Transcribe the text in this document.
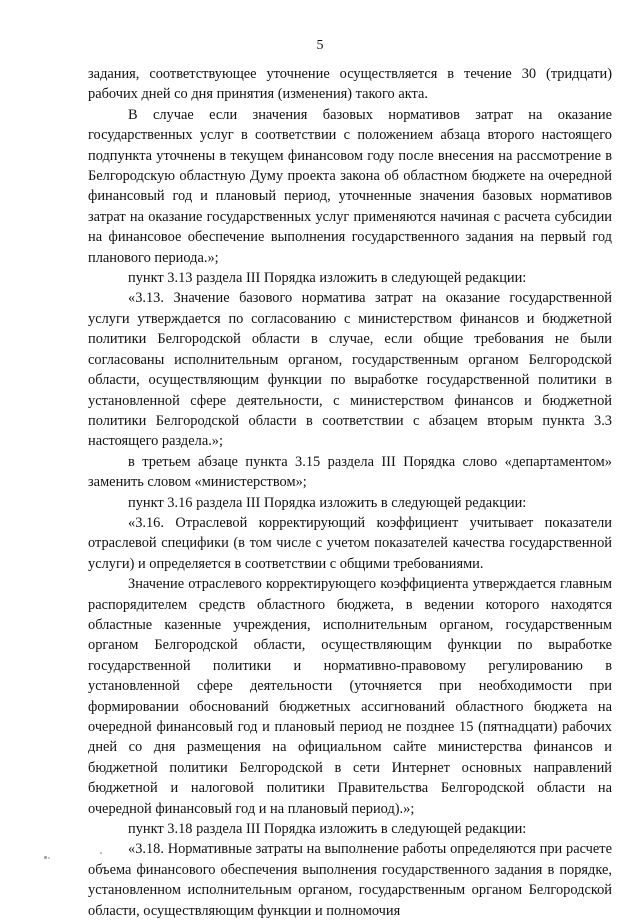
5

задания, соответствующее уточнение осуществляется в течение 30 (тридцати) рабочих дней со дня принятия (изменения) такого акта.

В случае если значения базовых нормативов затрат на оказание государственных услуг в соответствии с положением абзаца второго настоящего подпункта уточнены в текущем финансовом году после внесения на рассмотрение в Белгородскую областную Думу проекта закона об областном бюджете на очередной финансовый год и плановый период, уточненные значения базовых нормативов затрат на оказание государственных услуг применяются начиная с расчета субсидии на финансовое обеспечение выполнения государственного задания на первый год планового периода.»;

пункт 3.13 раздела III Порядка изложить в следующей редакции:

«3.13. Значение базового норматива затрат на оказание государственной услуги утверждается по согласованию с министерством финансов и бюджетной политики Белгородской области в случае, если общие требования не были согласованы исполнительным органом, государственным органом Белгородской области, осуществляющим функции по выработке государственной политики в установленной сфере деятельности, с министерством финансов и бюджетной политики Белгородской области в соответствии с абзацем вторым пункта 3.3 настоящего раздела.»;

в третьем абзаце пункта 3.15 раздела III Порядка слово «департаментом» заменить словом «министерством»;

пункт 3.16 раздела III Порядка изложить в следующей редакции:

«3.16. Отраслевой корректирующий коэффициент учитывает показатели отраслевой специфики (в том числе с учетом показателей качества государственной услуги) и определяется в соответствии с общими требованиями.

Значение отраслевого корректирующего коэффициента утверждается главным распорядителем средств областного бюджета, в ведении которого находятся областные казенные учреждения, исполнительным органом, государственным органом Белгородской области, осуществляющим функции по выработке государственной политики и нормативно-правовому регулированию в установленной сфере деятельности (уточняется при необходимости при формировании обоснований бюджетных ассигнований областного бюджета на очередной финансовый год и плановый период не позднее 15 (пятнадцати) рабочих дней со дня размещения на официальном сайте министерства финансов и бюджетной политики Белгородской в сети Интернет основных направлений бюджетной и налоговой политики Правительства Белгородской области на очередной финансовый год и на плановый период).»;

пункт 3.18 раздела III Порядка изложить в следующей редакции:

«3.18. Нормативные затраты на выполнение работы определяются при расчете объема финансового обеспечения выполнения государственного задания в порядке, установленном исполнительным органом, государственным органом Белгородской области, осуществляющим функции и полномочия
